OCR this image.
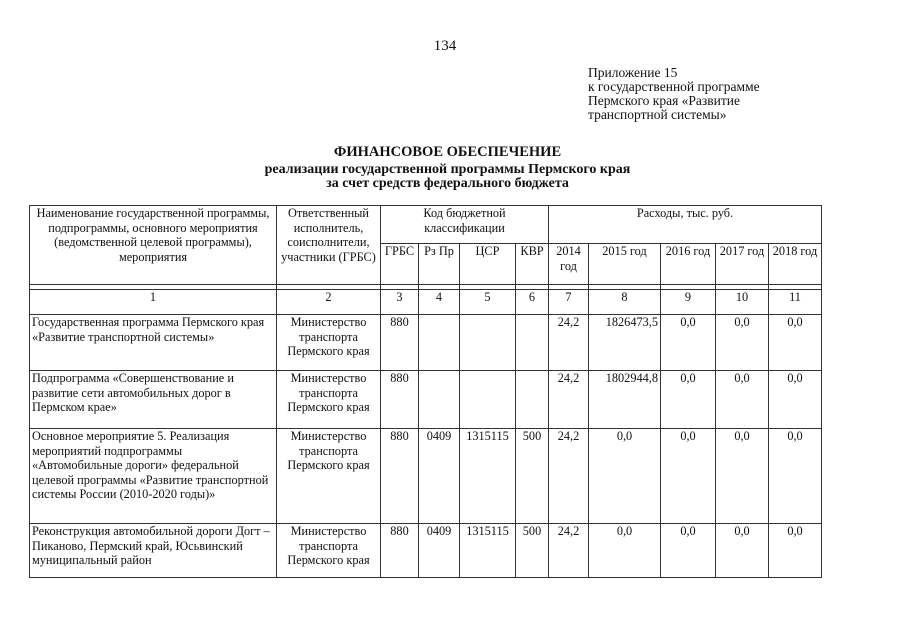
134
Приложение 15
к государственной программе
Пермского края «Развитие
транспортной системы»
ФИНАНСОВОЕ ОБЕСПЕЧЕНИЕ
реализации государственной программы Пермского края
за счет средств федерального бюджета
Наименование государственной программы, подпрограммы, основного мероприятия (ведомственной целевой программы), мероприятия	Ответственный исполнитель, соисполнители, участники (ГРБС)	Код бюджетной классификации				Расходы, тыс. руб.				
		ГРБС	Рз Пр	ЦСР	КВР	2014 год	2015 год	2016 год	2017 год	2018 год

1	2	3	4	5	6	7	8	9	10	11
Государственная программа Пермского края «Развитие транспортной системы»	Министерство транспорта Пермского края	880				24,2	1826473,5	0,0	0,0	0,0
Подпрограмма «Совершенствование и развитие сети автомобильных дорог в Пермском крае»	Министерство транспорта Пермского края	880				24,2	1802944,8	0,0	0,0	0,0
Основное мероприятие 5. Реализация мероприятий подпрограммы «Автомобильные дороги» федеральной целевой программы «Развитие транспортной системы России (2010-2020 годы)»	Министерство транспорта Пермского края	880	0409	1315115	500	24,2	0,0	0,0	0,0	0,0
Реконструкция автомобильной дороги Догт – Пиканово, Пермский край, Юсьвинский муниципальный район	Министерство транспорта Пермского края	880	0409	1315115	500	24,2	0,0	0,0	0,0	0,0
